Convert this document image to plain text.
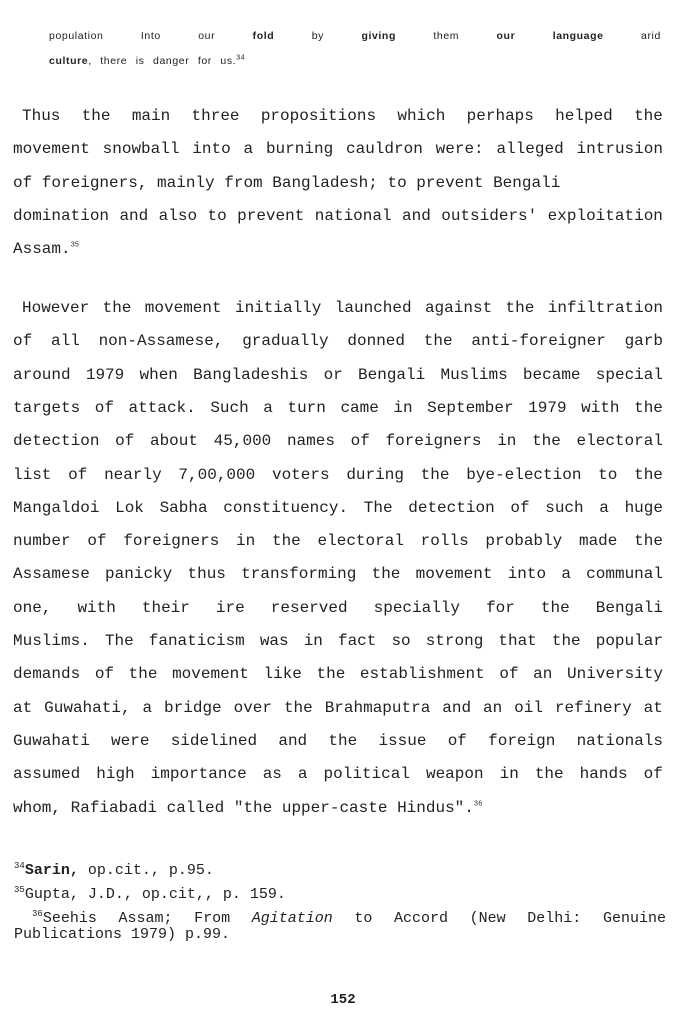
population	Into	our	fold	by	giving	them	our	language	arid
culture, there is danger for us.$^{34}$
Thus the main three propositions which perhaps helped the
movement snowball into a burning cauldron were: alleged intrusion
of foreigners, mainly from Bangladesh; to prevent Bengali
domination and also to prevent national and outsiders' exploitation
Assam.$^{35}$
However the movement initially launched against the infiltration
of all non-Assamese, gradually donned the anti-foreigner garb
around 1979 when Bangladeshis or Bengali Muslims became special
targets of attack. Such a turn came in September 1979 with the
detection of about 45,000 names of foreigners in the electoral
list of nearly 7,00,000 voters during the bye-election to the
Mangaldoi Lok Sabha constituency. The detection of such a huge
number of foreigners in the electoral rolls probably made the
Assamese panicky thus transforming the movement into a communal
one, with their ire reserved specially for the Bengali
Muslims. The fanaticism was in fact so strong that the popular
demands of the movement like the establishment of an University
at Guwahati, a bridge over the Brahmaputra and an oil refinery at
Guwahati were sidelined and the issue of foreign nationals
assumed high importance as a political weapon in the hands of
whom, Rafiabadi called "the upper-caste Hindus".$^{36}$
$^{34}$Sarin, op.cit., p.95.
$^{35}$Gupta, J.D., op.cit,, p. 159.
$^{36}$Seehis Assam; From Agitation to Accord (New Delhi: Genuine
Publications 1979) p.99.
152
